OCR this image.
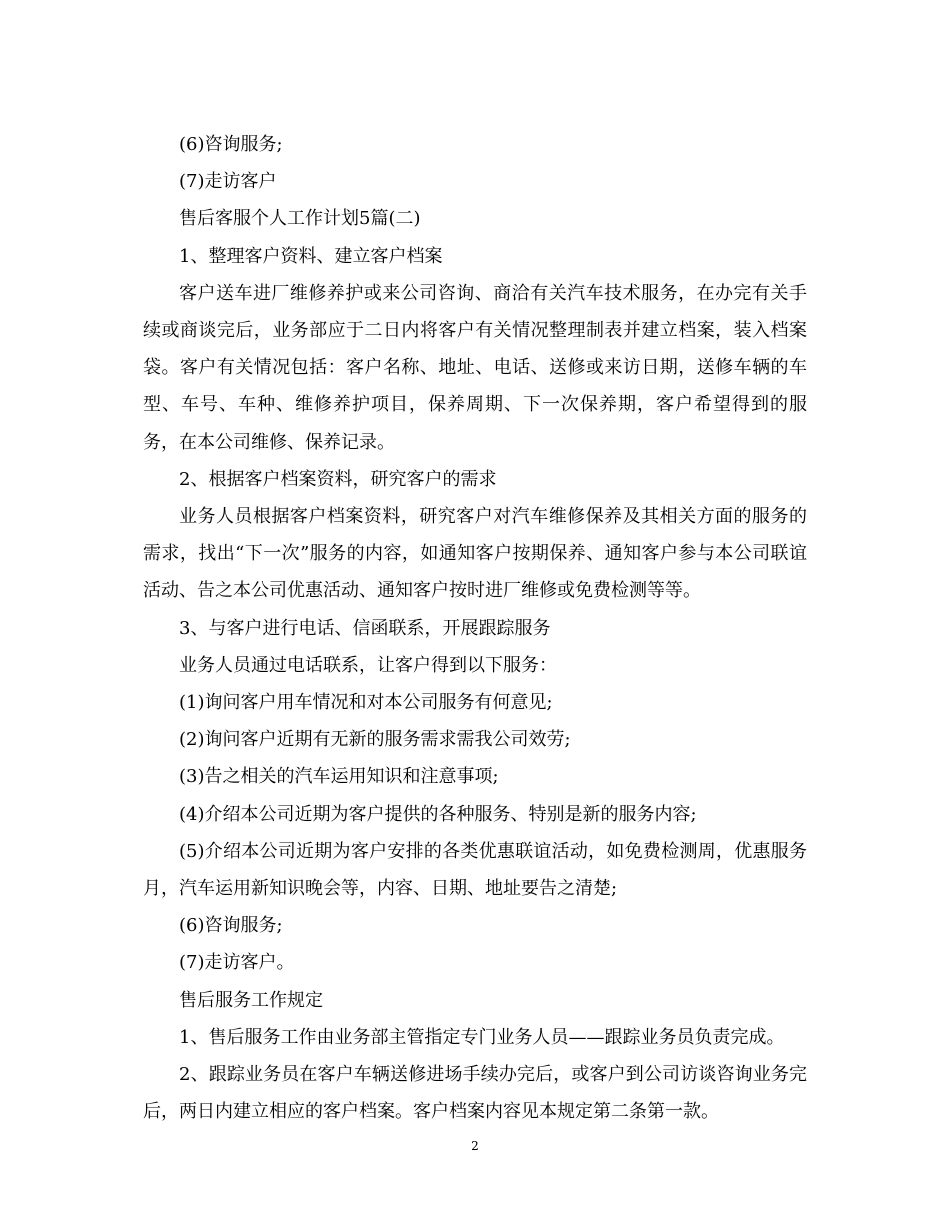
(6)咨询服务;

(7)走访客户

售后客服个人工作计划5篇(二)

1、整理客户资料、建立客户档案

客户送车进厂维修养护或来公司咨询、商洽有关汽车技术服务，在办完有关手续或商谈完后，业务部应于二日内将客户有关情况整理制表并建立档案，装入档案袋。客户有关情况包括：客户名称、地址、电话、送修或来访日期，送修车辆的车型、车号、车种、维修养护项目，保养周期、下一次保养期，客户希望得到的服务，在本公司维修、保养记录。

2、根据客户档案资料，研究客户的需求

业务人员根据客户档案资料，研究客户对汽车维修保养及其相关方面的服务的需求，找出“下一次”服务的内容，如通知客户按期保养、通知客户参与本公司联谊活动、告之本公司优惠活动、通知客户按时进厂维修或免费检测等等。

3、与客户进行电话、信函联系，开展跟踪服务

业务人员通过电话联系，让客户得到以下服务：

(1)询问客户用车情况和对本公司服务有何意见;

(2)询问客户近期有无新的服务需求需我公司效劳;

(3)告之相关的汽车运用知识和注意事项;

(4)介绍本公司近期为客户提供的各种服务、特别是新的服务内容;

(5)介绍本公司近期为客户安排的各类优惠联谊活动，如免费检测周，优惠服务月，汽车运用新知识晚会等，内容、日期、地址要告之清楚;

(6)咨询服务;

(7)走访客户。

售后服务工作规定

1、售后服务工作由业务部主管指定专门业务人员——跟踪业务员负责完成。

2、跟踪业务员在客户车辆送修进场手续办完后，或客户到公司访谈咨询业务完后，两日内建立相应的客户档案。客户档案内容见本规定第二条第一款。

2
